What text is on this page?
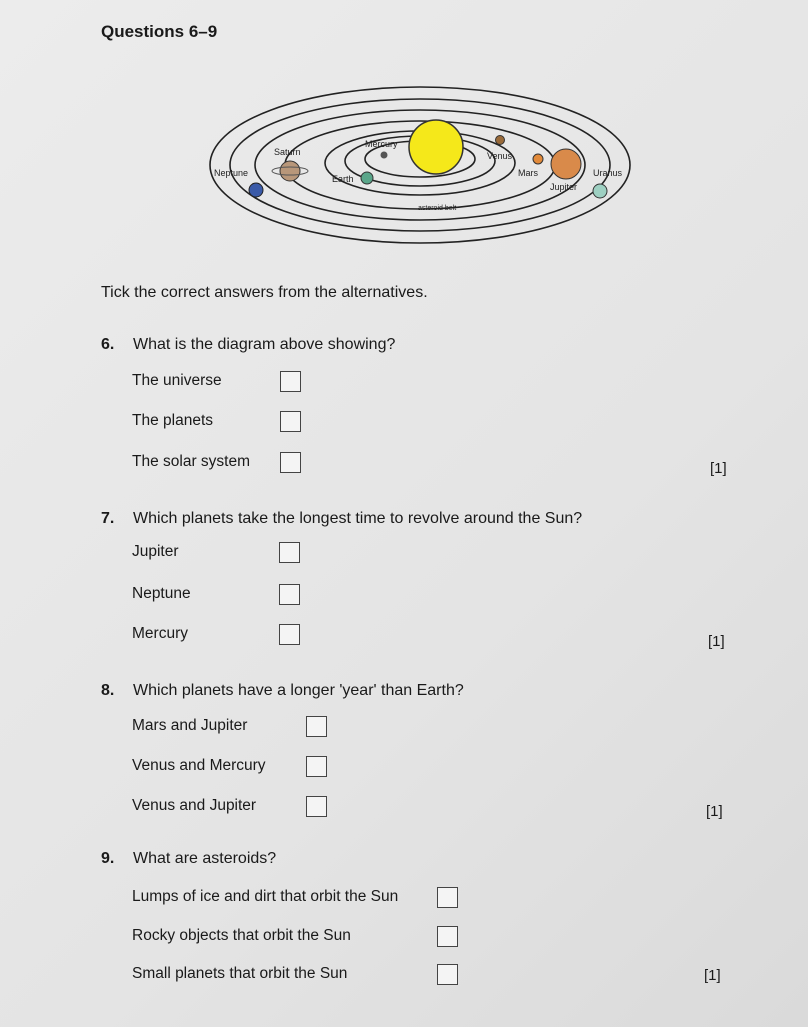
Questions 6–9
Neptune
Saturn
Mercury
Earth
Venus
Mars
Jupiter
Uranus
asteroid belt
Tick the correct answers from the alternatives.
6. What is the diagram above showing?
The universe
The planets
The solar system	[1]
7. Which planets take the longest time to revolve around the Sun?
Jupiter
Neptune
Mercury	[1]
8. Which planets have a longer 'year' than Earth?
Mars and Jupiter
Venus and Mercury
Venus and Jupiter	[1]
9. What are asteroids?
Lumps of ice and dirt that orbit the Sun
Rocky objects that orbit the Sun
Small planets that orbit the Sun	[1]
